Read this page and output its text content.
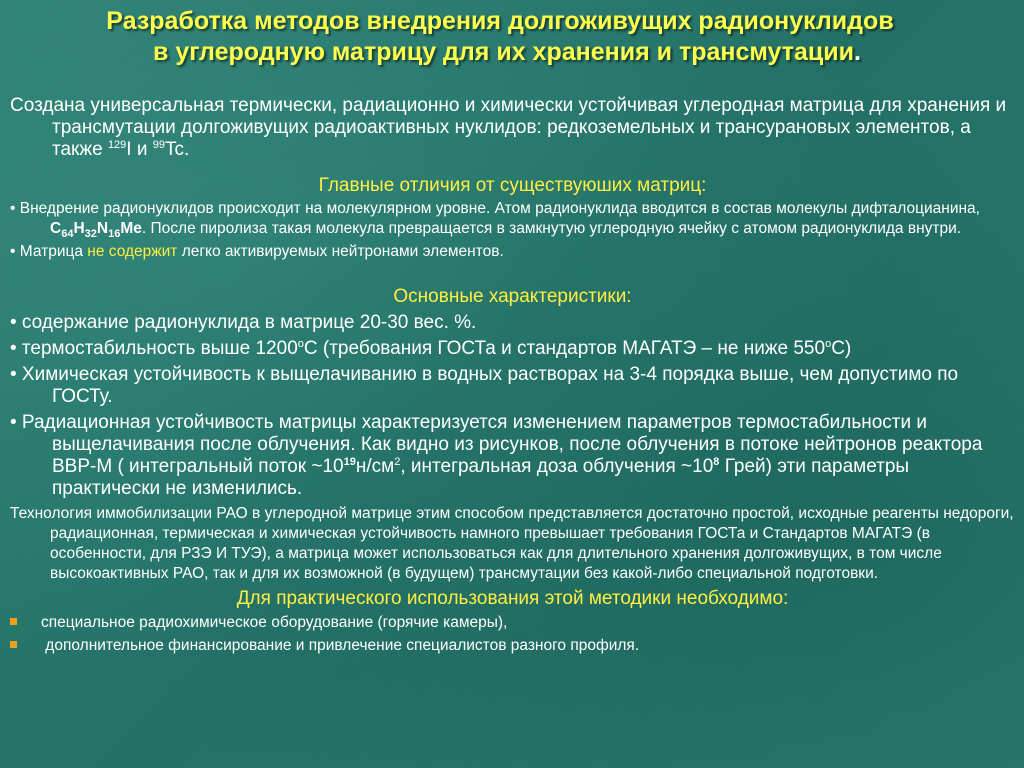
Разработка методов внедрения долгоживущих радионуклидов
в углеродную матрицу для их хранения и трансмутации.
Создана универсальная термически, радиационно и химически устойчивая углеродная матрица для хранения и трансмутации долгоживущих радиоактивных нуклидов: редкоземельных и трансурановых элементов, а также $^{129}$I и $^{99}$Tc.
Главные отличия от существуюших матриц:
• Внедрение радионуклидов происходит на молекулярном уровне. Атом радионуклида вводится в состав молекулы дифталоцианина, $C_{64}H_{32}N_{16}Me$. После пиролиза такая молекула превращается в замкнутую углеродную ячейку с атомом радионуклида внутри.
• Матрица не содержит легко активируемых нейтронами элементов.
Основные характеристики:
• содержание радионуклида в матрице 20-30 вес. %.
• термостабильность выше 1200$^o$C (требования ГОСТа и стандартов МАГАТЭ – не ниже 550$^o$C)
• Химическая устойчивость к выщелачиванию в водных растворах на 3-4 порядка выше, чем допустимо по ГОСТу.
• Радиационная устойчивость матрицы характеризуется изменением параметров термостабильности и выщелачивания после облучения. Как видно из рисунков, после облучения в потоке нейтронов реактора ВВР-М ( интегральный поток $\sim 10^{19}н/см^2$, интегральная доза облучения $\sim 10^8$ Грей) эти параметры практически не изменились.
Технология иммобилизации РАО в углеродной матрице этим способом представляется достаточно простой, исходные реагенты недороги, радиационная, термическая и химическая устойчивость намного превышает требования ГОСТа и Стандартов МАГАТЭ (в особенности, для РЗЭ И ТУЭ), а матрица может использоваться как для длительного хранения долгоживущих, в том числе высокоактивных РАО, так и для их возможной (в будущем) трансмутации без какой-либо специальной подготовки.
Для практического использования этой методики необходимо:
специальное радиохимическое оборудование (горячие камеры),
дополнительное финансирование и привлечение специалистов разного профиля.
